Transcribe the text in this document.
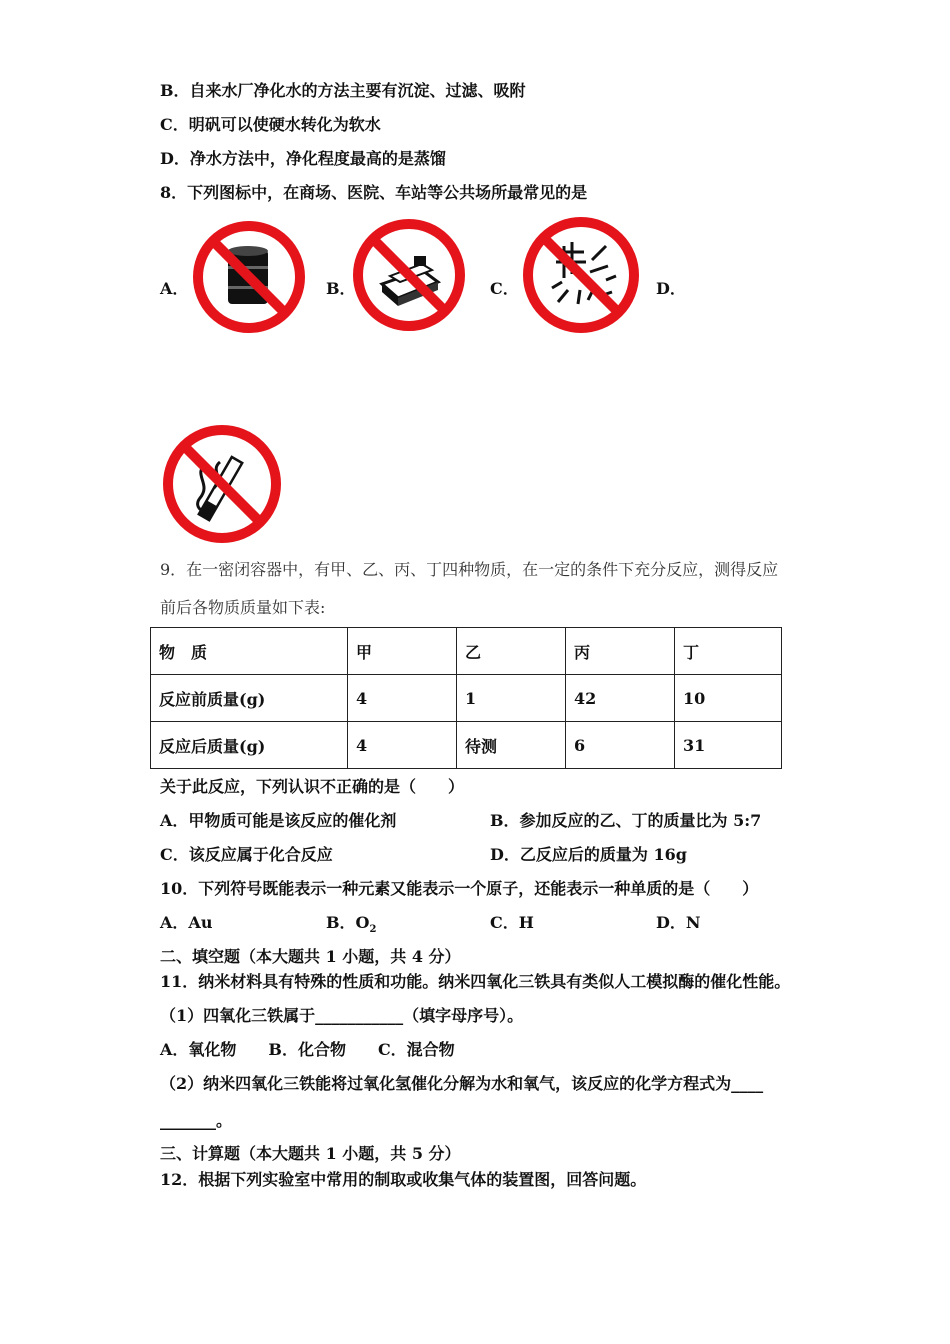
B．自来水厂净化水的方法主要有沉淀、过滤、吸附
C．明矾可以使硬水转化为软水
D．净水方法中，净化程度最高的是蒸馏
8．下列图标中，在商场、医院、车站等公共场所最常见的是
A．	B．	C．	D．
9．在一密闭容器中，有甲、乙、丙、丁四种物质，在一定的条件下充分反应，测得反应
前后各物质质量如下表:
物　质	甲	乙	丙	丁
反应前质量(g)	4	1	42	10
反应后质量(g)	4	待测	6	31
关于此反应，下列认识不正确的是（　　）
A．甲物质可能是该反应的催化剂	B．参加反应的乙、丁的质量比为 5:7
C．该反应属于化合反应	D．乙反应后的质量为 16g
10．下列符号既能表示一种元素又能表示一个原子，还能表示一种单质的是（　　）
A．Au	B．$O_2$	C．H	D．N
二、填空题（本大题共 1 小题，共 4 分）
11．纳米材料具有特殊的性质和功能。纳米四氧化三铁具有类似人工模拟酶的催化性能。
（1）四氧化三铁属于___________（填字母序号）。
A．氧化物　　B．化合物　　C．混合物
（2）纳米四氧化三铁能将过氧化氢催化分解为水和氧气，该反应的化学方程式为____
_______。
三、计算题（本大题共 1 小题，共 5 分）
12．根据下列实验室中常用的制取或收集气体的装置图，回答问题。
